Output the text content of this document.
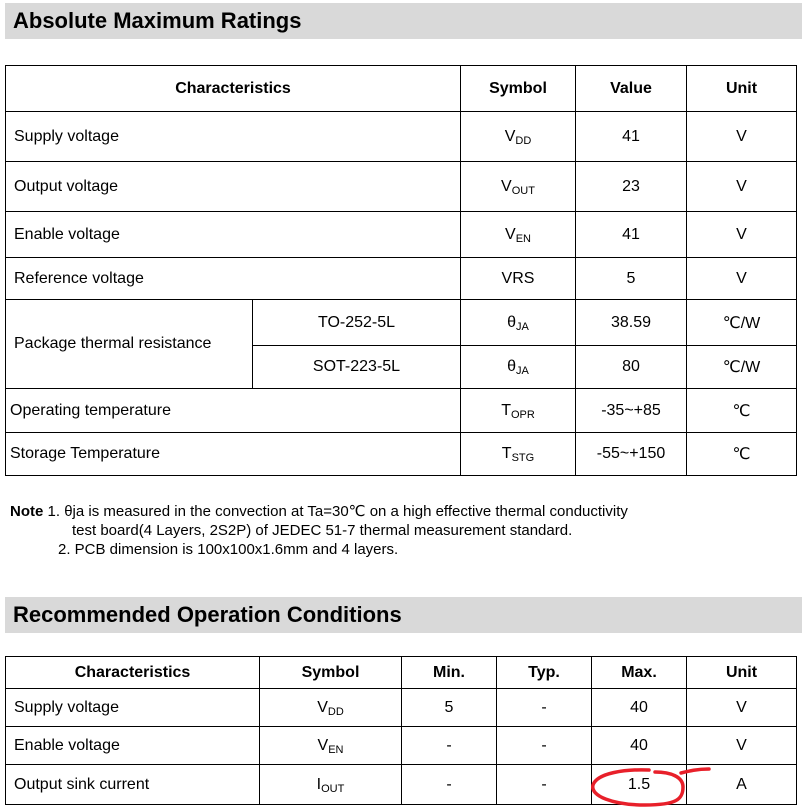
Absolute Maximum Ratings
Characteristics		Symbol	Value	Unit
Supply voltage		VDD	41	V
Output voltage		VOUT	23	V
Enable voltage		VEN	41	V
Reference voltage		VRS	5	V
Package thermal resistance	TO-252-5L	θJA	38.59	℃/W
	SOT-223-5L	θJA	80	℃/W
Operating temperature		TOPR	-35~+85	℃
Storage Temperature		TSTG	-55~+150	℃
Note 1. θja is measured in the convection at Ta=30℃ on a high effective thermal conductivity
test board(4 Layers, 2S2P) of JEDEC 51-7 thermal measurement standard.
2. PCB dimension is 100x100x1.6mm and 4 layers.
Recommended Operation Conditions
Characteristics	Symbol	Min.	Typ.	Max.	Unit
Supply voltage	VDD	5	-	40	V
Enable voltage	VEN	-	-	40	V
Output sink current	IOUT	-	-	1.5	A
